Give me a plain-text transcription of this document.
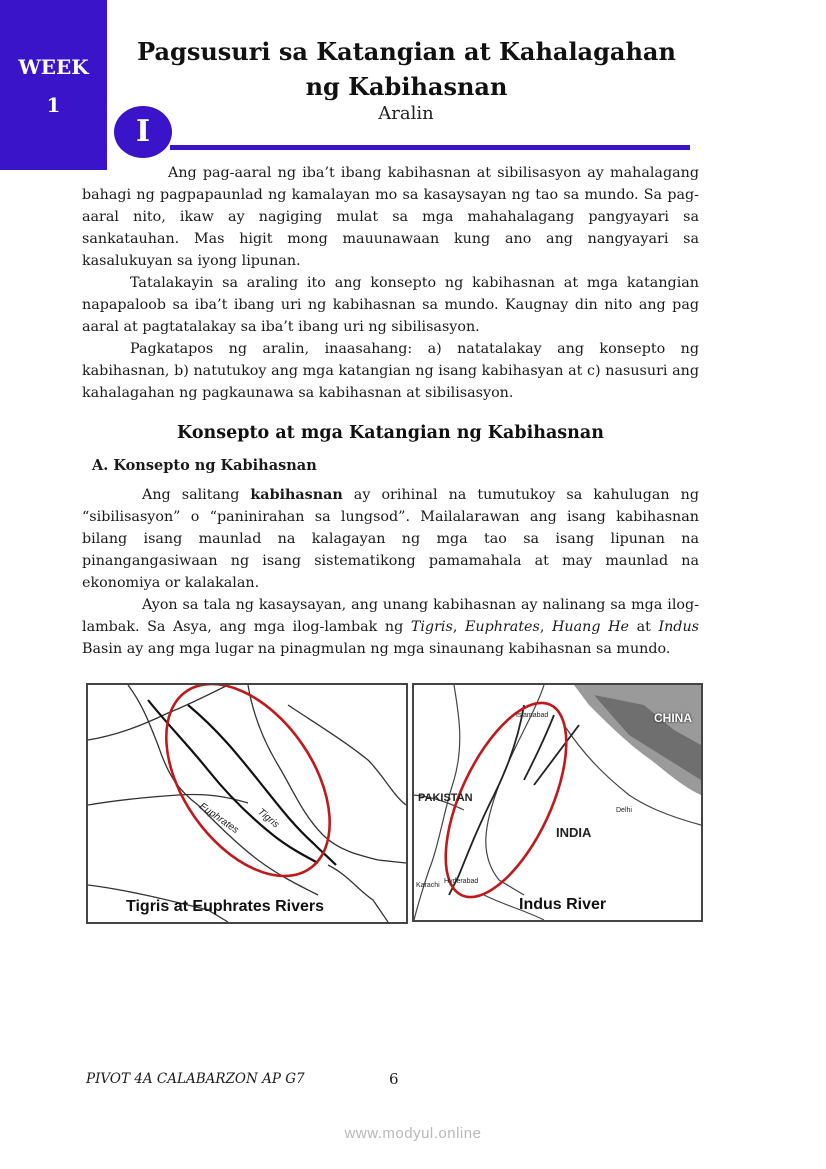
WEEK
1
Pagsusuri sa Katangian at Kahalagahan ng Kabihasnan
I
Aralin

Ang pag-aaral ng iba’t ibang kabihasnan at sibilisasyon ay mahalagang bahagi ng pagpapaunlad ng kamalayan mo sa kasaysayan ng tao sa mundo. Sa pag-aaral nito, ikaw ay nagiging mulat sa mga mahahalagang pangyayari sa sankatauhan. Mas higit mong mauunawaan kung ano ang nangyayari sa kasalukuyan sa iyong lipunan.

Tatalakayin sa araling ito ang konsepto ng kabihasnan at mga katangian napapaloob sa iba’t ibang uri ng kabihasnan sa mundo. Kaugnay din nito ang pag aaral at pagtatalakay sa iba’t ibang uri ng sibilisasyon.

Pagkatapos ng aralin, inaasahang: a) natatalakay ang konsepto ng kabihasnan, b) natutukoy ang mga katangian ng isang kabihasyan at c) nasusuri ang kahalagahan ng pagkaunawa sa kabihasnan at sibilisasyon.

Konsepto at mga Katangian ng Kabihasnan
A. Konsepto ng Kabihasnan

Ang salitang kabihasnan ay orihinal na tumutukoy sa kahulugan ng “sibilisasyon” o “paninirahan sa lungsod”. Mailalarawan ang isang kabihasnan bilang isang maunlad na kalagayan ng mga tao sa isang lipunan na pinangangasiwaan ng isang sistematikong pamamahala at may maunlad na ekonomiya or kalakalan.

Ayon sa tala ng kasaysayan, ang unang kabihasnan ay nalinang sa mga ilog-lambak. Sa Asya, ang mga ilog-lambak ng Tigris, Euphrates, Huang He at Indus Basin ay ang mga lugar na pinagmulan ng mga sinaunang kabihasnan sa mundo.

Euphrates Tigris
Tigris at Euphrates Rivers
Islamabad	CHINA
PAKISTAN
Delhi
INDIA
Karachi
Hyderabad
Indus River
PIVOT 4A CALABARZON AP G7	6
www.modyul.online
